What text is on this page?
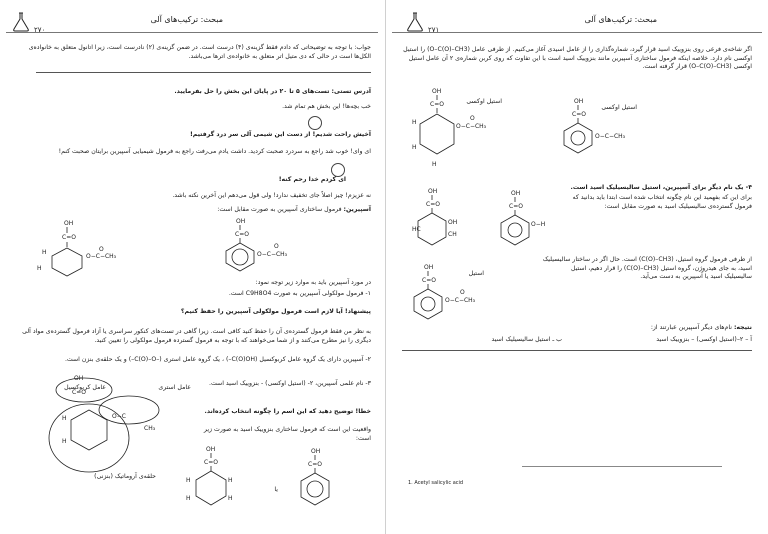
۲۷۰
مبحث: ترکیب‌های آلی
جواب: با توجه به توضیحاتی که دادم فقط گزینه‌ی (۴) درست است. در ضمن گزینه‌ی (۲) نادرست است، زیرا اتانول متعلق به خانواده‌ی الکل‌ها است در حالی که دی متیل اتر متعلق به خانواده‌ی اترها می‌باشد.
آدرس تستی: تست‌های ۵ تا ۲۰ در پایان این بخش را حل بفرمایید.
خب بچه‌ها! این بخش هم تمام شد.
آخیش راحت شدیم! از دست این شیمی آلی سر درد گرفتیم!
ای وای! خوب شد راجع به سردرد صحبت کردید. داشت یادم می‌رفت راجع به فرمول شیمیایی آسپیرین برایتان صحبت کنم!
ای کردم خدا رحم کنه!
نه عزیزم! چیز اصلاً جای تخفیف ندارد! ولی قول می‌دهم این آخرین نکته باشد.
آسپیرین: فرمول ساختاری آسپیرین به صورت مقابل است:
OH
C=O
H
H
O−C−CH₃
O
OH
C=O
O−C−CH₃
O
در مورد آسپیرین باید به موارد زیر توجه نمود:
۱- فرمول مولکولی آسپیرین به صورت C9H8O4 است.
پیشنهاد! آیا لازم است فرمول مولکولی آسپیرین را حفظ کنیم؟
به نظر من فقط فرمول گسترده‌ی آن را حفظ کنید کافی است. زیرا گاهی در تست‌های کنکور سراسری یا آزاد فرمول گسترده‌ی مواد آلی دیگری را نیز مطرح می‌کنند و از شما می‌خواهند که با توجه به فرمول گسترده فرمول مولکولی را تعیین کنید.
۲- آسپیرین دارای یک گروه عامل کربوکسیل (C(O)OH–) ، یک گروه عامل استری (–C(O)–O–) و یک حلقه‌ی بنزن است.
OH
C=O
H
H
O−C
CH₃
عامل کربوکسیل	عامل استری
حلقه‌ی آروماتیک (بنزنی)
۳- نام علمی آسپیرین، ۲- (استیل اوکسی) - بنزوییک اسید است.
خطا! توضیح دهید که این اسم را چگونه انتخاب کرده‌اند.
واقعیت این است که فرمول ساختاری بنزوییک اسید به صورت زیر است:
OH
C=O
H
H
H
H
یا
OH
C=O
مبحث: ترکیب‌های آلی
۲۷۱
اگر شاخه‌ی فرعی روی بنزوییک اسید قرار گیرد، شماره‌گذاری را از عامل اسیدی آغاز می‌کنیم. از طرفی عامل (O–C(O)–CH3) را استیل اوکسی نام دارد. خلاصه اینکه فرمول ساختاری آسپیرین مانند بنزوییک اسید است با این تفاوت که روی کربن شماره‌ی ۲ آن عامل استیل اوکسی (O–C(O)–CH3) قرار گرفته است.
OH
C=O
H
H
O−C−CH₃
O
H
استیل اوکسی	OH
C=O
O−C−CH₃
استیل اوکسی
۴- یک نام دیگر برای آسپیرین، استیل سالیسیلیک اسید است.
برای این که بفهمید این نام چگونه انتخاب شده است ابتدا باید بدانید که فرمول گسترده‌ی سالیسیلیک اسید به صورت مقابل است:
OH
C=O
OH
HC
CH
OH
C=O
O−H
از طرفی فرمول گروه استیل، (C(O)–CH3) است. حال اگر در ساختار سالیسیلیک اسید، به جای هیدروژن، گروه استیل (C(O)–CH3) را قرار دهیم، استیل سالیسیلیک اسید یا آسپیرین به دست می‌آید.
OH
C=O
O−C−CH₃
O
استیل
نتیجه: نام‌های دیگر آسپیرین عبارتند از:
آ – ۲–(استیل اوکسی) – بنزوییک اسید
ب ـ استیل سالیسیلیک اسید
1. Acetyl salicylic acid
